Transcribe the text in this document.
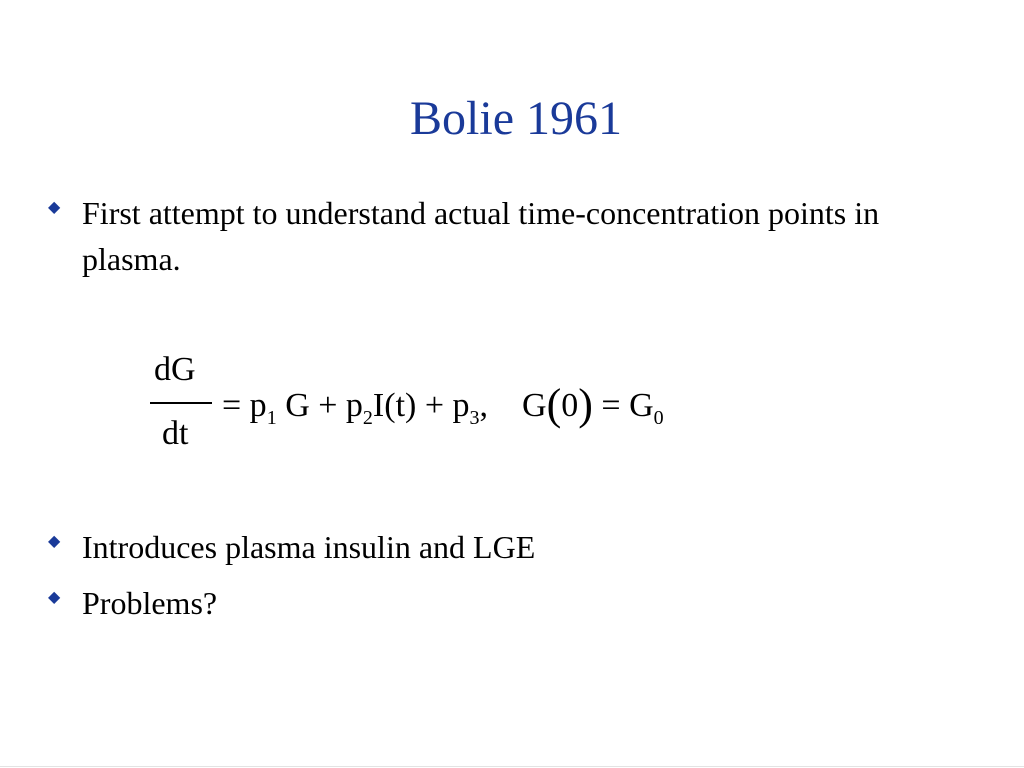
Bolie 1961
◆ First attempt to understand actual time-concentration points in plasma.
dG
dt
= $p_1$ $G + p_2I(t) + p_3$, $G(0) = G_0$
◆ Introduces plasma insulin and LGE
◆ Problems?
